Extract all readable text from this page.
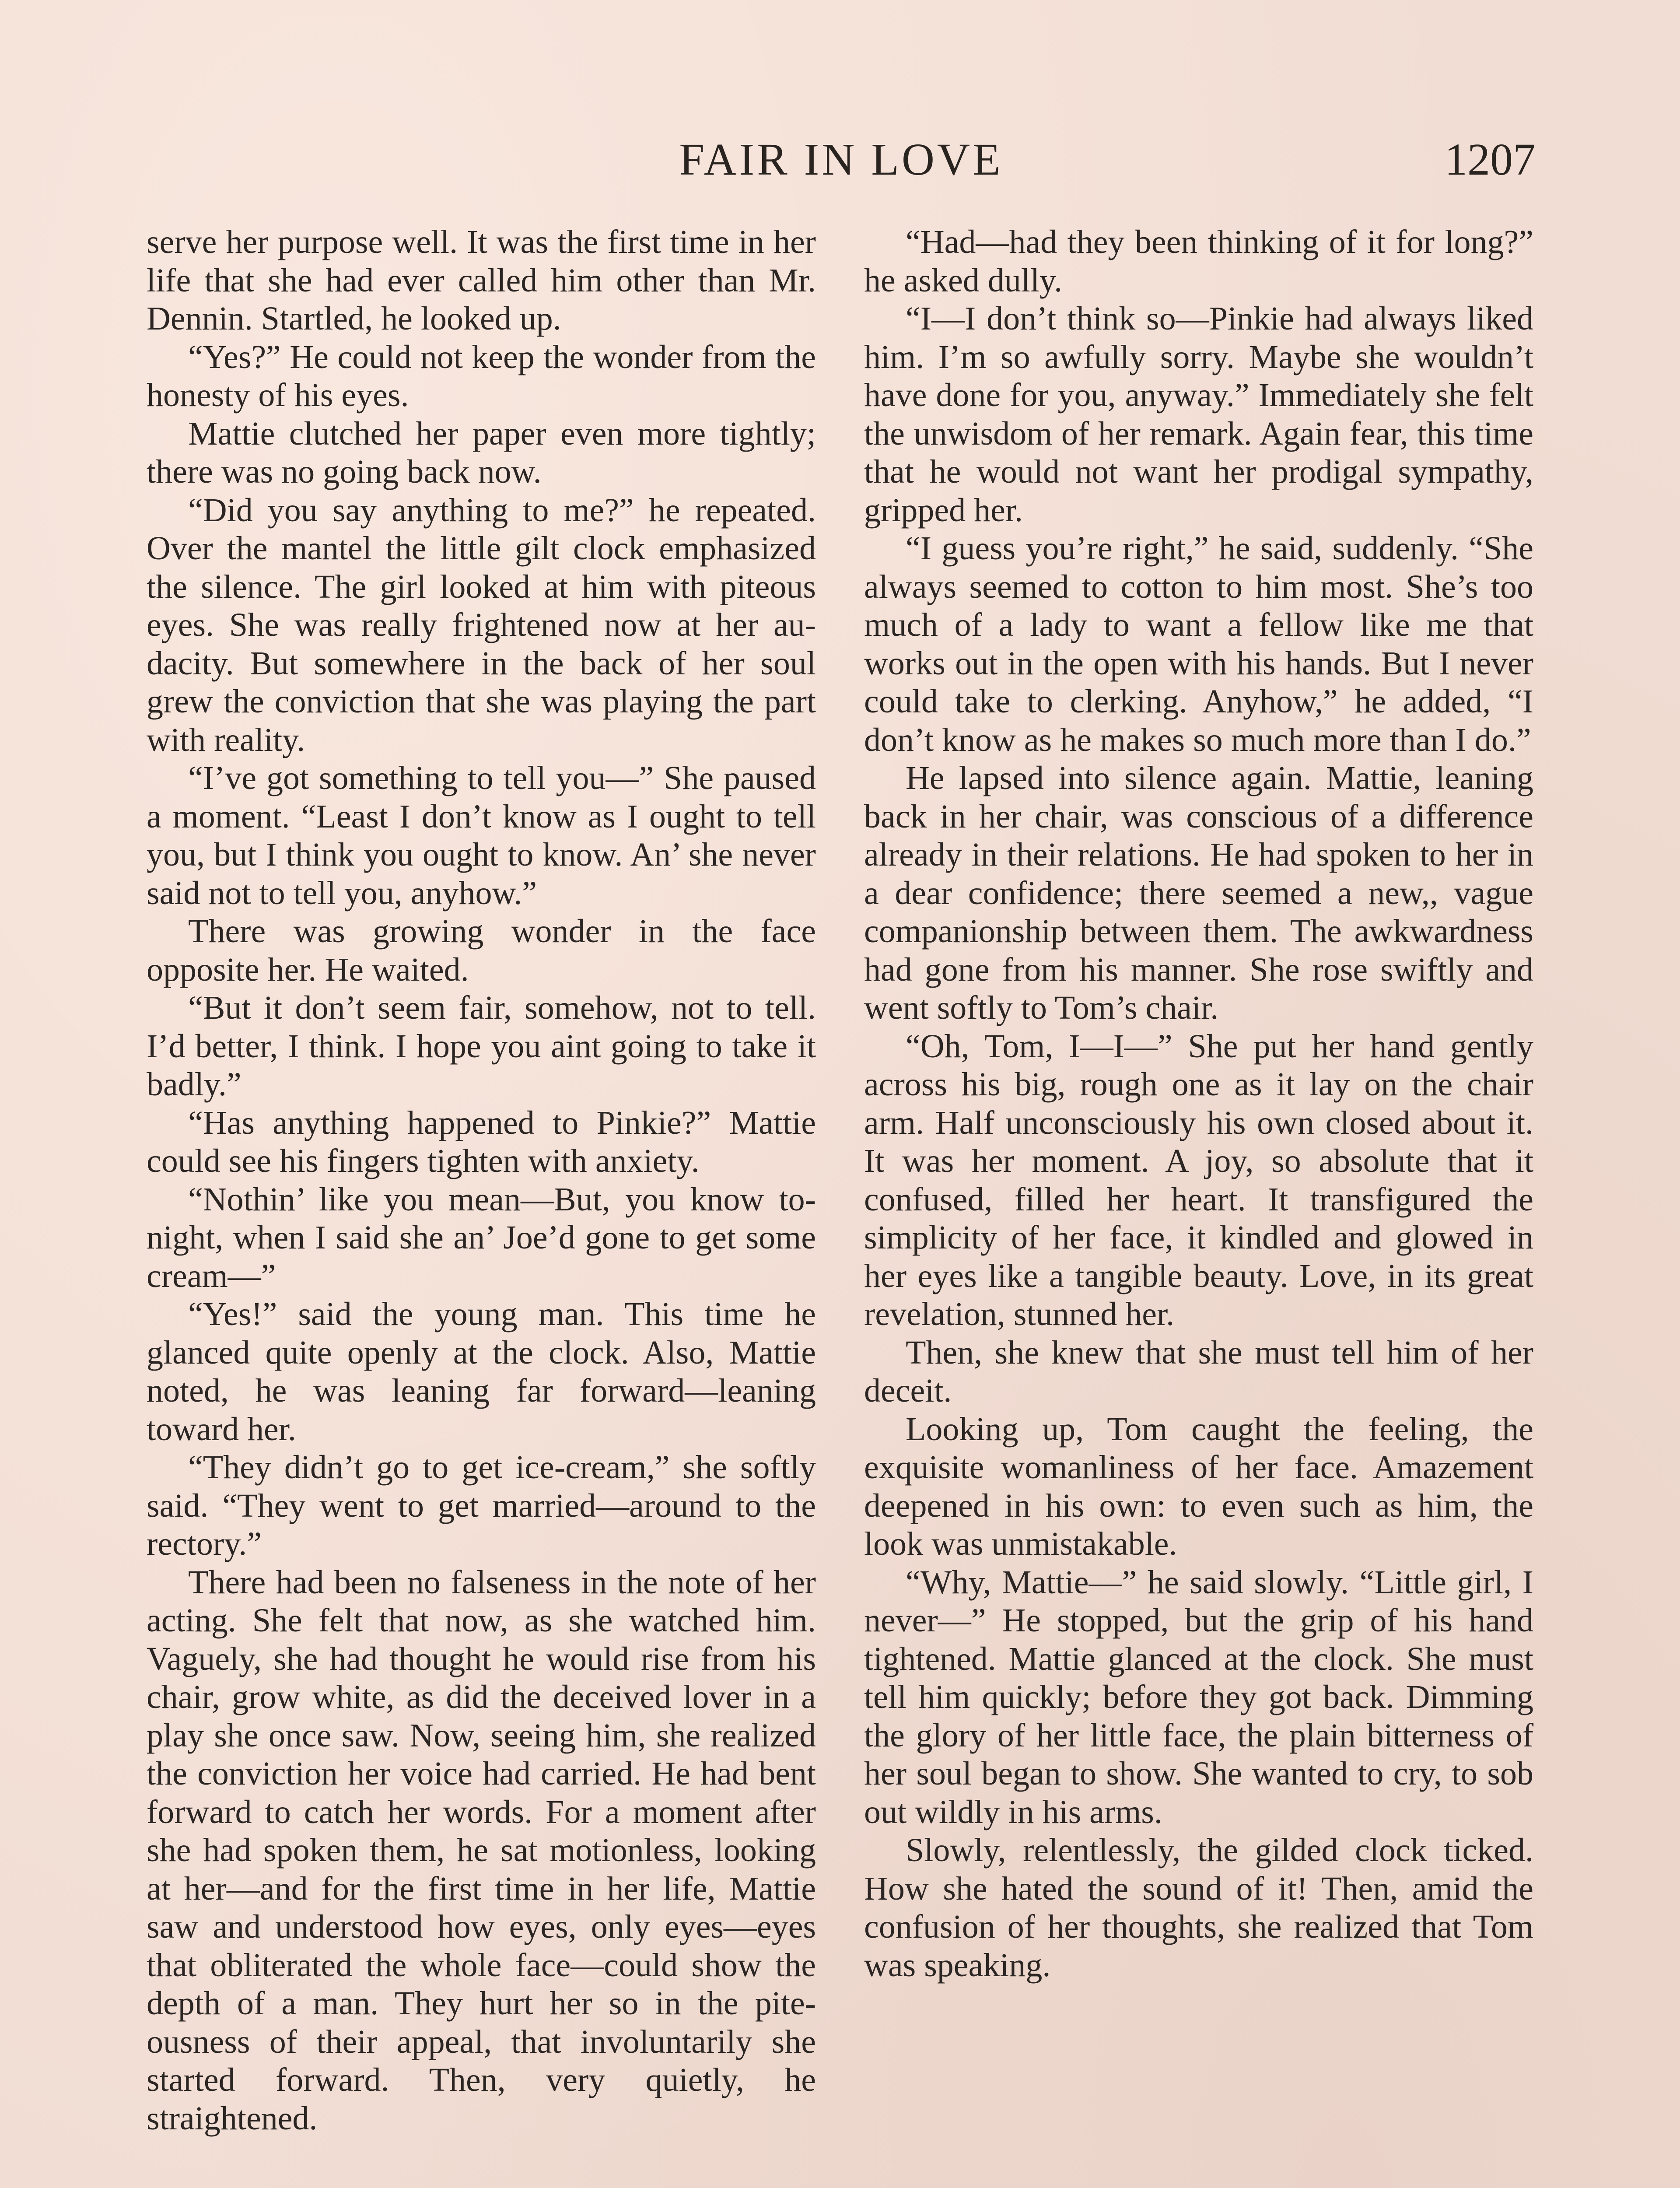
FAIR IN LOVE	1207

serve her purpose well. It was the first time in her life that she had ever called him other than Mr. Dennin. Startled, he looked up.

“Yes?” He could not keep the wonder from the honesty of his eyes.

Mattie clutched her paper even more tightly; there was no going back now.

“Did you say anything to me?” he repeated. Over the mantel the little gilt clock emphasized the silence. The girl looked at him with piteous eyes. She was really frightened now at her audacity. But somewhere in the back of her soul grew the conviction that she was playing the part with reality.

“I’ve got something to tell you—” She paused a moment. “Least I don’t know as I ought to tell you, but I think you ought to know. An’ she never said not to tell you, anyhow.”

There was growing wonder in the face opposite her. He waited.

“But it don’t seem fair, somehow, not to tell. I’d better, I think. I hope you aint going to take it badly.”

“Has anything happened to Pinkie?” Mattie could see his fingers tighten with anxiety.

“Nothin’ like you mean—But, you know to-night, when I said she an’ Joe’d gone to get some cream—”

“Yes!” said the young man. This time he glanced quite openly at the clock. Also, Mattie noted, he was leaning far forward—leaning toward her.

“They didn’t go to get ice-cream,” she softly said. “They went to get married—around to the rectory.”

There had been no falseness in the note of her acting. She felt that now, as she watched him. Vaguely, she had thought he would rise from his chair, grow white, as did the deceived lover in a play she once saw. Now, seeing him, she realized the conviction her voice had carried. He had bent forward to catch her words. For a moment after she had spoken them, he sat motionless, looking at her—and for the first time in her life, Mattie saw and understood how eyes, only eyes—eyes that obliterated the whole face—could show the depth of a man. They hurt her so in the piteousness of their appeal, that involuntarily she started forward. Then, very quietly, he straightened.

“Had—had they been thinking of it for long?” he asked dully.

“I—I don’t think so—Pinkie had always liked him. I’m so awfully sorry. Maybe she wouldn’t have done for you, anyway.” Immediately she felt the unwisdom of her remark. Again fear, this time that he would not want her prodigal sympathy, gripped her.

“I guess you’re right,” he said, suddenly. “She always seemed to cotton to him most. She’s too much of a lady to want a fellow like me that works out in the open with his hands. But I never could take to clerking. Anyhow,” he added, “I don’t know as he makes so much more than I do.”

He lapsed into silence again. Mattie, leaning back in her chair, was conscious of a difference already in their relations. He had spoken to her in a dear confidence; there seemed a new,, vague companionship between them. The awkwardness had gone from his manner. She rose swiftly and went softly to Tom’s chair.

“Oh, Tom, I—I—” She put her hand gently across his big, rough one as it lay on the chair arm. Half unconsciously his own closed about it. It was her moment. A joy, so absolute that it confused, filled her heart. It transfigured the simplicity of her face, it kindled and glowed in her eyes like a tangible beauty. Love, in its great revelation, stunned her.

Then, she knew that she must tell him of her deceit.

Looking up, Tom caught the feeling, the exquisite womanliness of her face. Amazement deepened in his own: to even such as him, the look was unmistakable.

“Why, Mattie—” he said slowly. “Little girl, I never—” He stopped, but the grip of his hand tightened. Mattie glanced at the clock. She must tell him quickly; before they got back. Dimming the glory of her little face, the plain bitterness of her soul began to show. She wanted to cry, to sob out wildly in his arms.

Slowly, relentlessly, the gilded clock ticked. How she hated the sound of it! Then, amid the confusion of her thoughts, she realized that Tom was speaking.
